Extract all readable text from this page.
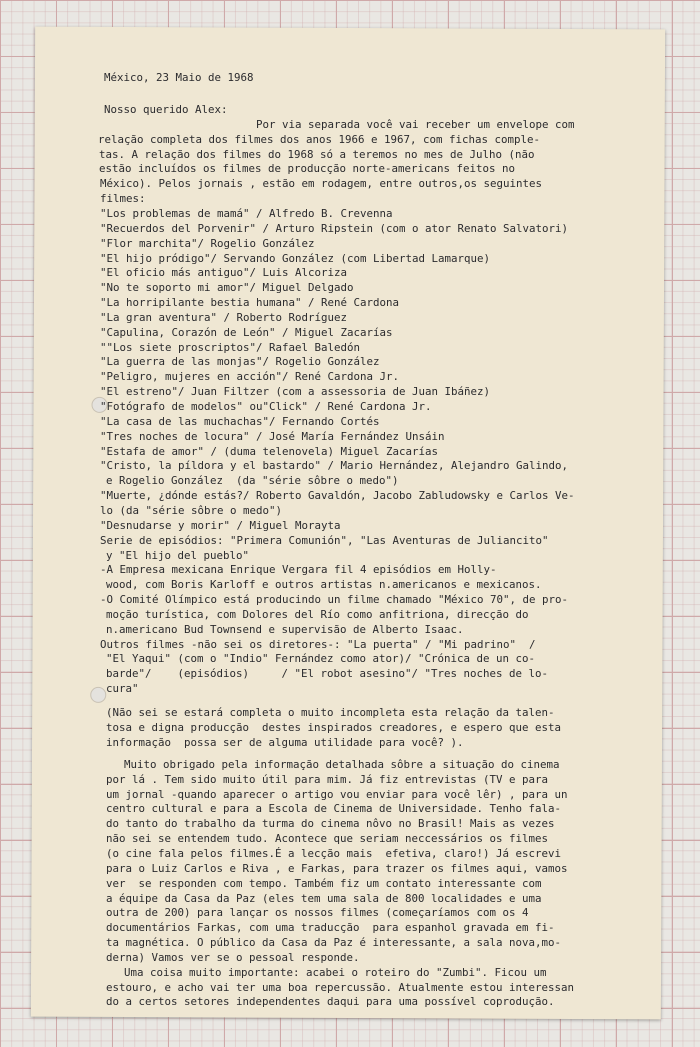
México, 23 Maio de 1968
Nosso querido Alex:
Por via separada você vai receber um envelope com
relação completa dos filmes dos anos 1966 e 1967, com fichas comple-
tas. A relação dos filmes do 1968 só a teremos no mes de Julho (não
estão incluídos os filmes de producção norte-americans feitos no
México). Pelos jornais , estão em rodagem, entre outros,os seguintes
filmes:
"Los problemas de mamá" / Alfredo B. Crevenna
"Recuerdos del Porvenir" / Arturo Ripstein (com o ator Renato Salvatori)
"Flor marchita"/ Rogelio González
"El hijo pródigo"/ Servando González (com Libertad Lamarque)
"El oficio más antiguo"/ Luis Alcoriza
"No te soporto mi amor"/ Miguel Delgado
"La horripilante bestia humana" / René Cardona
"La gran aventura" / Roberto Rodríguez
"Capulina, Corazón de León" / Miguel Zacarías
""Los siete proscriptos"/ Rafael Baledón
"La guerra de las monjas"/ Rogelio González
"Peligro, mujeres en acción"/ René Cardona Jr.
"El estreno"/ Juan Filtzer (com a assessoria de Juan Ibáñez)
"Fotógrafo de modelos" ou"Click" / René Cardona Jr.
"La casa de las muchachas"/ Fernando Cortés
"Tres noches de locura" / José María Fernández Unsáin
"Estafa de amor" / (duma telenovela) Miguel Zacarías
"Cristo, la píldora y el bastardo" / Mario Hernández, Alejandro Galindo,
e Rogelio González  (da "série sôbre o medo")
"Muerte, ¿dónde estás?/ Roberto Gavaldón, Jacobo Zabludowsky e Carlos Ve-
lo (da "série sôbre o medo")
"Desnudarse y morir" / Miguel Morayta
Serie de episódios: "Primera Comunión", "Las Aventuras de Juliancito"
y "El hijo del pueblo"
-A Empresa mexicana Enrique Vergara fil 4 episódios em Holly-
wood, com Boris Karloff e outros artistas n.americanos e mexicanos.
-O Comité Olímpico está producindo un filme chamado "México 70", de pro-
moção turística, com Dolores del Río como anfitriona, direcção do
n.americano Bud Townsend e supervisão de Alberto Isaac.
Outros filmes -não sei os diretores-: "La puerta" / "Mi padrino"  /
"El Yaqui" (com o "Indio" Fernández como ator)/ "Crónica de un co-
barde"/    (episódios)     / "El robot asesino"/ "Tres noches de lo-
cura"
(Não sei se estará completa o muito incompleta esta relação da talen-
tosa e digna producção  destes inspirados creadores, e espero que esta
informação  possa ser de alguma utilidade para você? ).
Muito obrigado pela informação detalhada sôbre a situação do cinema
por lá . Tem sido muito útil para mim. Já fiz entrevistas (TV e para
um jornal -quando aparecer o artigo vou enviar para você lêr) , para un
centro cultural e para a Escola de Cinema de Universidade. Tenho fala-
do tanto do trabalho da turma do cinema nôvo no Brasil! Mais as vezes
não sei se entendem tudo. Acontece que seriam neccessários os filmes
(o cine fala pelos filmes.É a lecção mais  efetiva, claro!) Já escrevi
para o Luiz Carlos e Riva , e Farkas, para trazer os filmes aqui, vamos
ver  se responden com tempo. Também fiz um contato interessante com
a équipe da Casa da Paz (eles tem uma sala de 800 localidades e uma
outra de 200) para lançar os nossos filmes (começaríamos com os 4
documentários Farkas, com uma traducção  para espanhol gravada em fi-
ta magnética. O público da Casa da Paz é interessante, a sala nova,mo-
derna) Vamos ver se o pessoal responde.
Uma coisa muito importante: acabei o roteiro do "Zumbi". Ficou um
estouro, e acho vai ter uma boa repercussão. Atualmente estou interessan
do a certos setores independentes daqui para uma possível coprodução.
